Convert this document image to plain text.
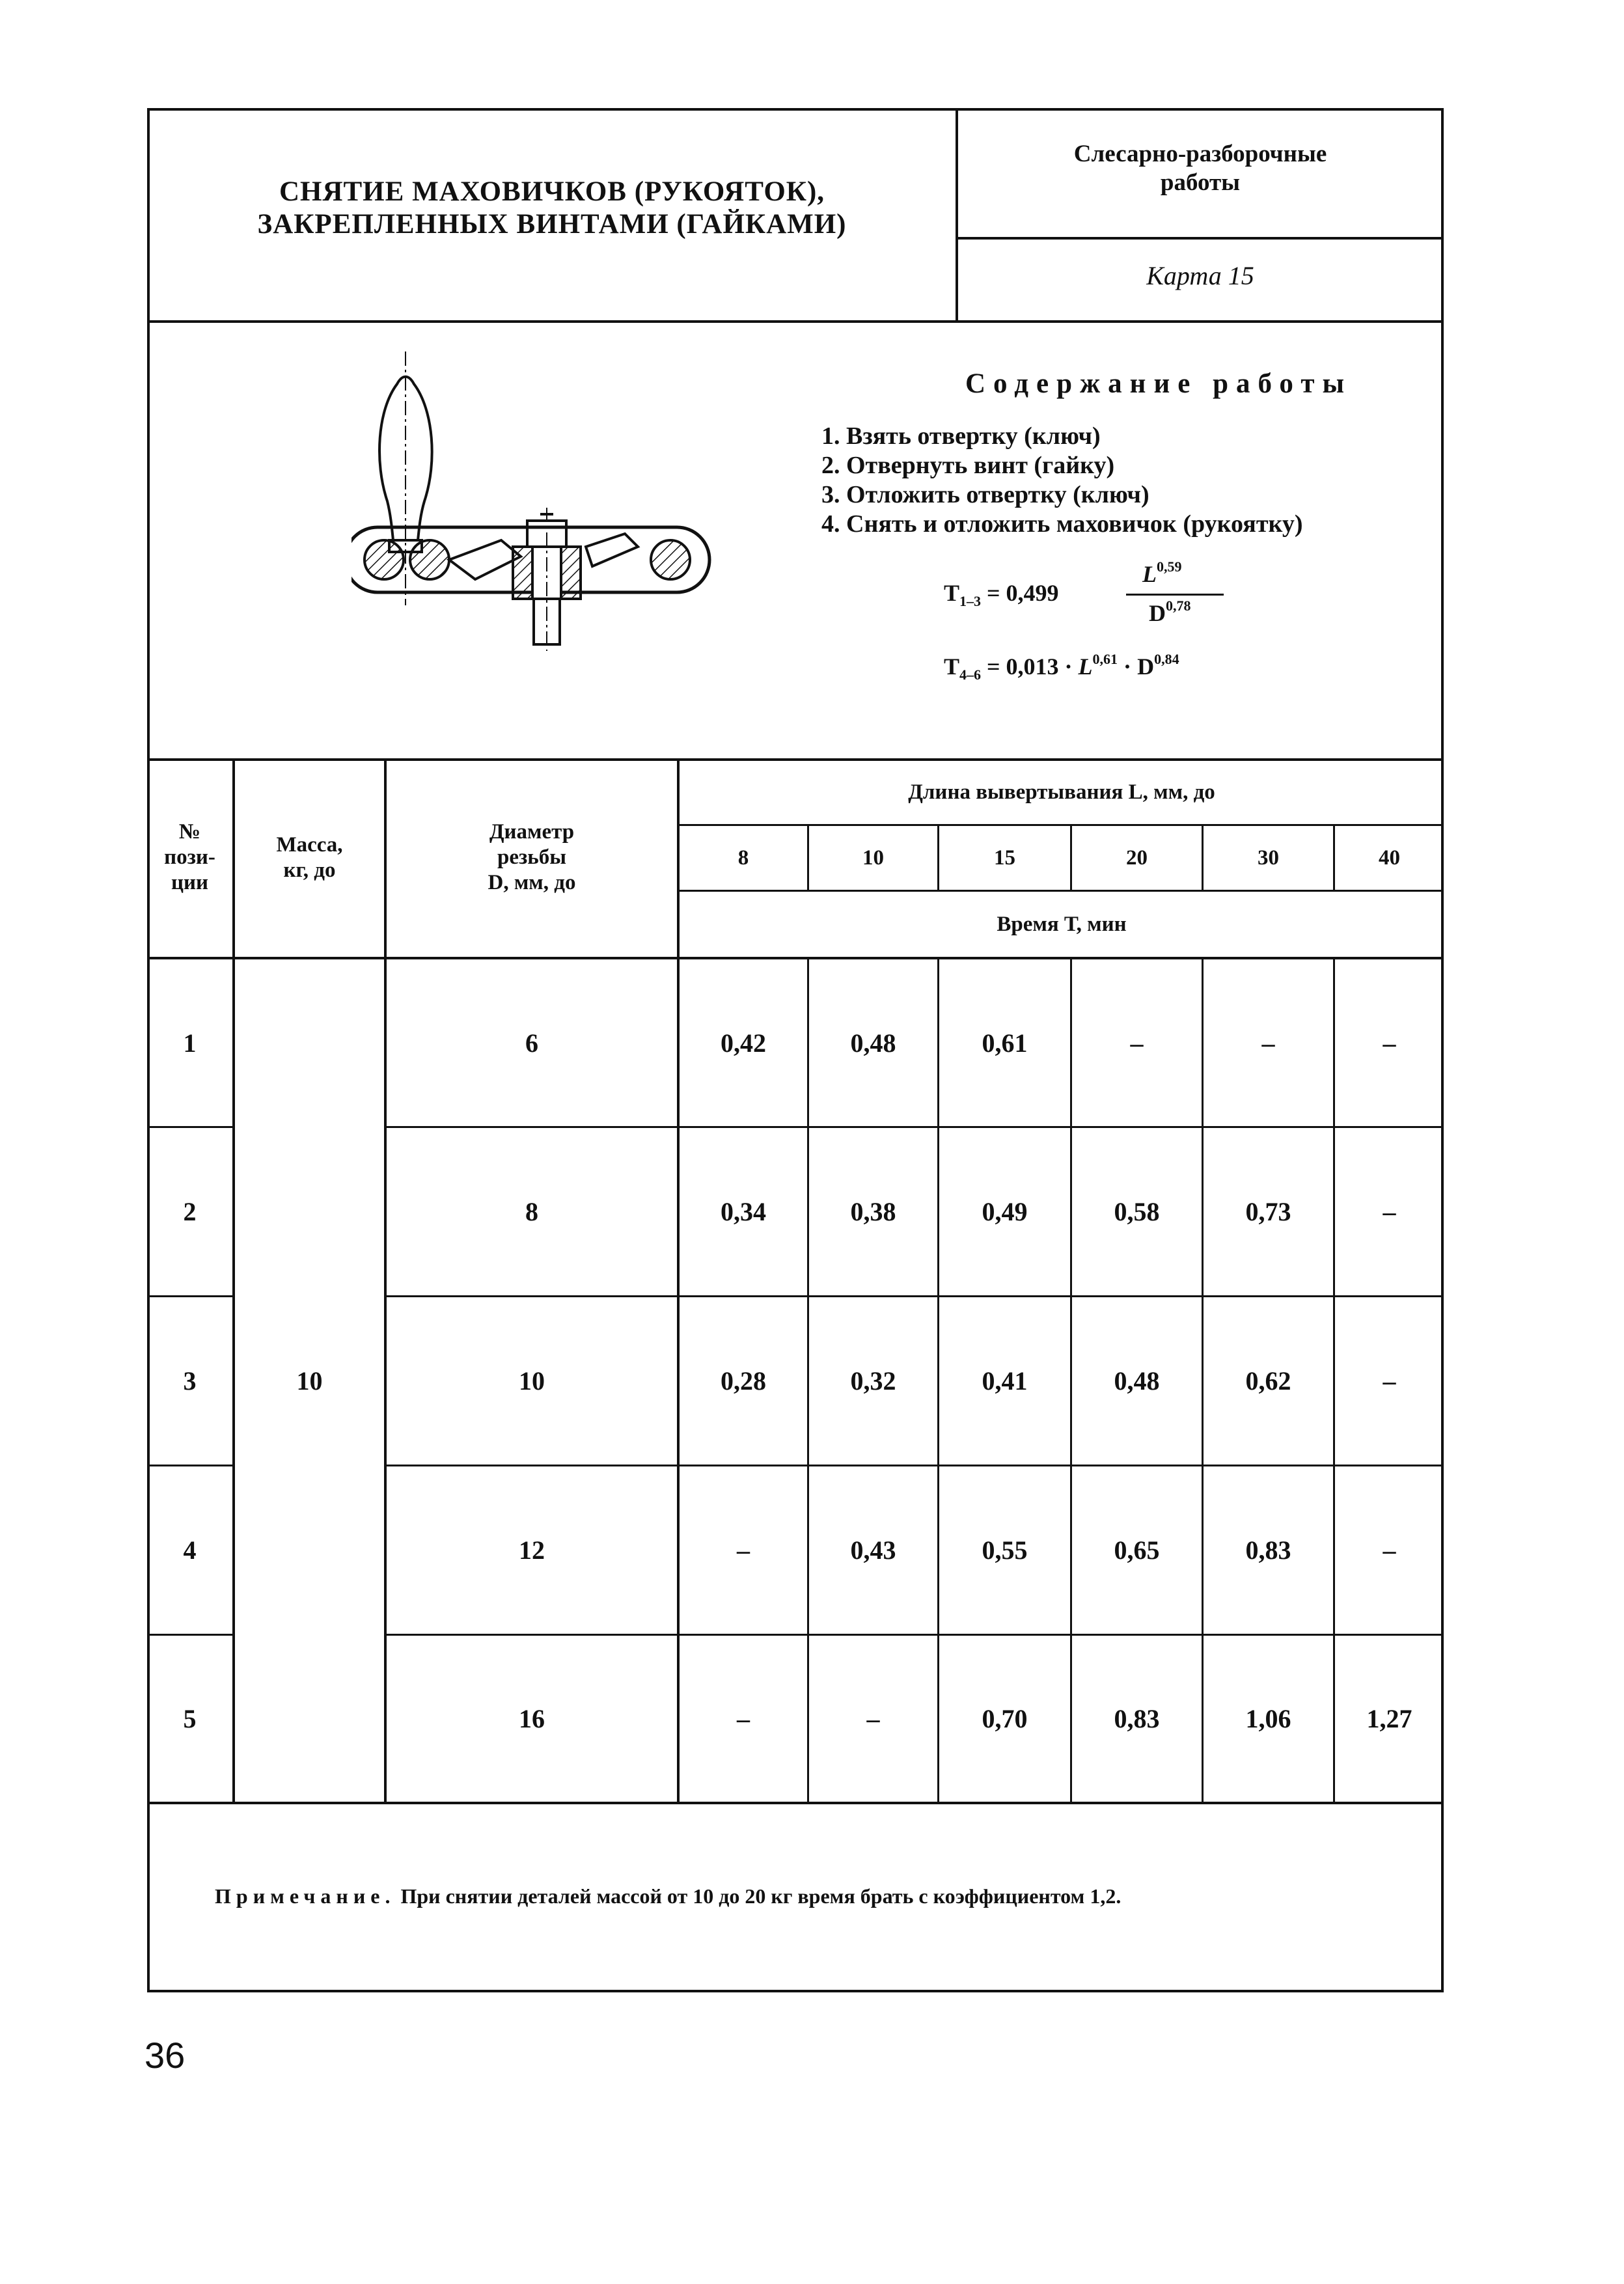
СНЯТИЕ МАХОВИЧКОВ (РУКОЯТОК),
ЗАКРЕПЛЕННЫХ ВИНТАМИ (ГАЙКАМИ)
Слесарно-разборочные
работы
Карта 15
Содержание работы
1. Взять отвертку (ключ)
2. Отвернуть винт (гайку)
3. Отложить отвертку (ключ)
4. Снять и отложить маховичок (рукоятку)
$T_{1-3} = 0,499$
L$^{0,59}$
D$^{0,78}$
$T_{4-6} = 0,013 \cdot L^{0,61} \cdot D^{0,84}$
№
пози-
ции
Масса,
кг, до
Диаметр
резьбы
D, мм, до
Длина вывертывания L, мм, до
8	10	15	20	30	40
Время Т, мин
10
1	6	0,42	0,48	0,61	–	–	–
2	8	0,34	0,38	0,49	0,58	0,73	–
3	10	0,28	0,32	0,41	0,48	0,62	–
4	12	–	0,43	0,55	0,65	0,83	–
5	16	–	–	0,70	0,83	1,06	1,27
Примечание. При снятии деталей массой от 10 до 20 кг время брать с коэффициентом 1,2.
36
